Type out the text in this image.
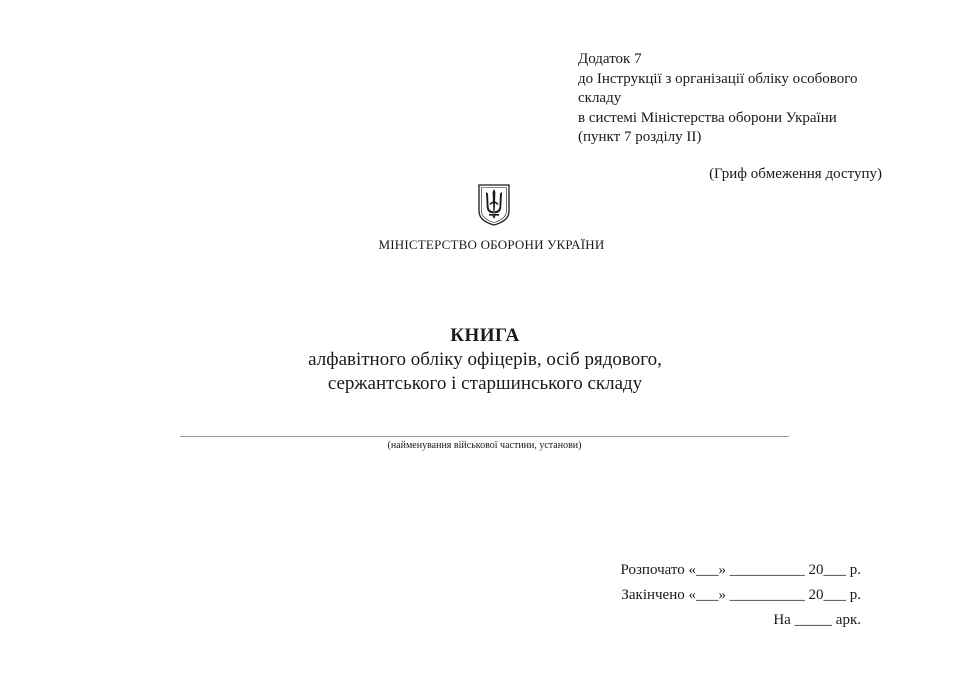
Додаток 7
до Інструкції з організації обліку особового
складу
в системі Міністерства оборони України
(пункт 7 розділу ІІ)
(Гриф обмеження доступу)
МІНІСТЕРСТВО ОБОРОНИ УКРАЇНИ
КНИГА
алфавітного обліку офіцерів, осіб рядового,
сержантського і старшинського складу
(найменування військової частини, установи)
Розпочато «___» __________ 20___ р.
Закінчено «___» __________ 20___ р.
На _____ арк.
